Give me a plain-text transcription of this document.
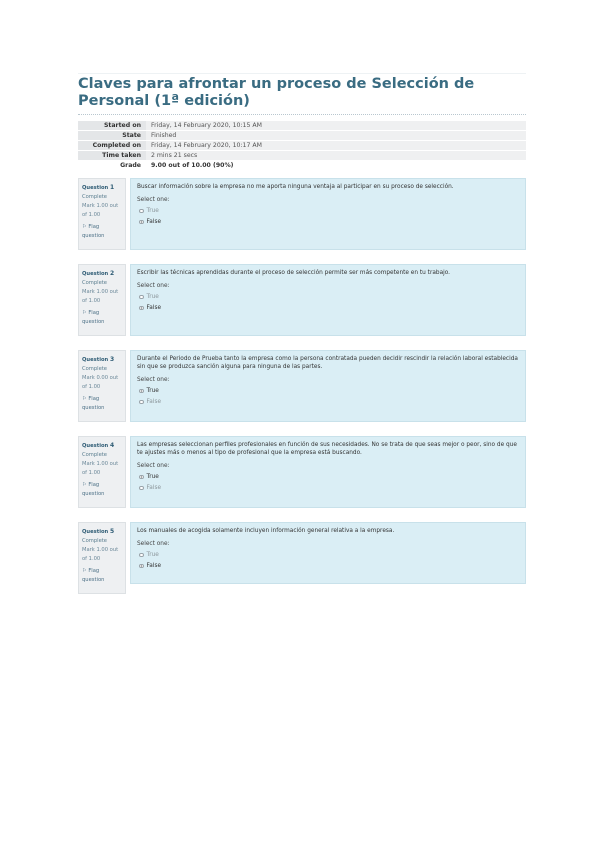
Claves para afrontar un proceso de Selección de Personal (1ª edición)
Started on	Friday, 14 February 2020, 10:15 AM
State	Finished
Completed on	Friday, 14 February 2020, 10:17 AM
Time taken	2 mins 21 secs
Grade	9.00 out of 10.00 (90%)
Question 1
Complete
Mark 1.00 out of 1.00
⚐ Flag question
Buscar información sobre la empresa no me aporta ninguna ventaja al participar en su proceso de selección.
Select one:
True
False
Question 2
Complete
Mark 1.00 out of 1.00
⚐ Flag question
Escribir las técnicas aprendidas durante el proceso de selección permite ser más competente en tu trabajo.
Select one:
True
False
Question 3
Complete
Mark 0.00 out of 1.00
⚐ Flag question
Durante el Periodo de Prueba tanto la empresa como la persona contratada pueden decidir rescindir la relación laboral establecida sin que se produzca sanción alguna para ninguna de las partes.
Select one:
True
False
Question 4
Complete
Mark 1.00 out of 1.00
⚐ Flag question
Las empresas seleccionan perfiles profesionales en función de sus necesidades. No se trata de que seas mejor o peor, sino de que te ajustes más o menos al tipo de profesional que la empresa está buscando.
Select one:
True
False
Question 5
Complete
Mark 1.00 out of 1.00
⚐ Flag question
Los manuales de acogida solamente incluyen información general relativa a la empresa.
Select one:
True
False
